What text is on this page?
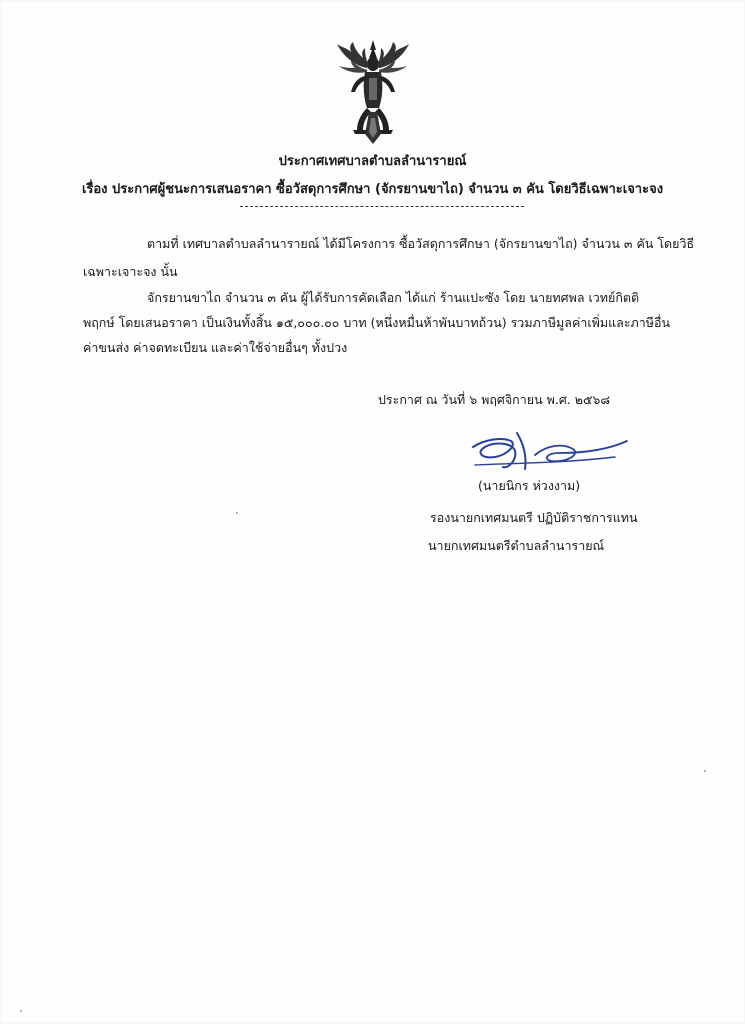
ประกาศเทศบาลตำบลลำนารายณ์
เรื่อง ประกาศผู้ชนะการเสนอราคา ซื้อวัสดุการศึกษา (จักรยานขาไถ) จำนวน ๓ คัน โดยวิธีเฉพาะเจาะจง
ตามที่ เทศบาลตำบลลำนารายณ์ ได้มีโครงการ ซื้อวัสดุการศึกษา (จักรยานขาไถ) จำนวน ๓ คัน โดยวิธี
เฉพาะเจาะจง นั้น
จักรยานขาไถ จำนวน ๓ คัน ผู้ได้รับการคัดเลือก ได้แก่ ร้านแปะซัง โดย นายทศพล เวทย์กิตติ
พฤกษ์ โดยเสนอราคา เป็นเงินทั้งสิ้น ๑๕,๐๐๐.๐๐ บาท (หนึ่งหมื่นห้าพันบาทถ้วน) รวมภาษีมูลค่าเพิ่มและภาษีอื่น
ค่าขนส่ง ค่าจดทะเบียน และค่าใช้จ่ายอื่นๆ ทั้งปวง
ประกาศ ณ วันที่ ๖ พฤศจิกายน พ.ศ. ๒๕๖๘
(นายนิกร ห่วงงาม)
รองนายกเทศมนตรี ปฏิบัติราชการแทน
นายกเทศมนตรีตำบลลำนารายณ์
